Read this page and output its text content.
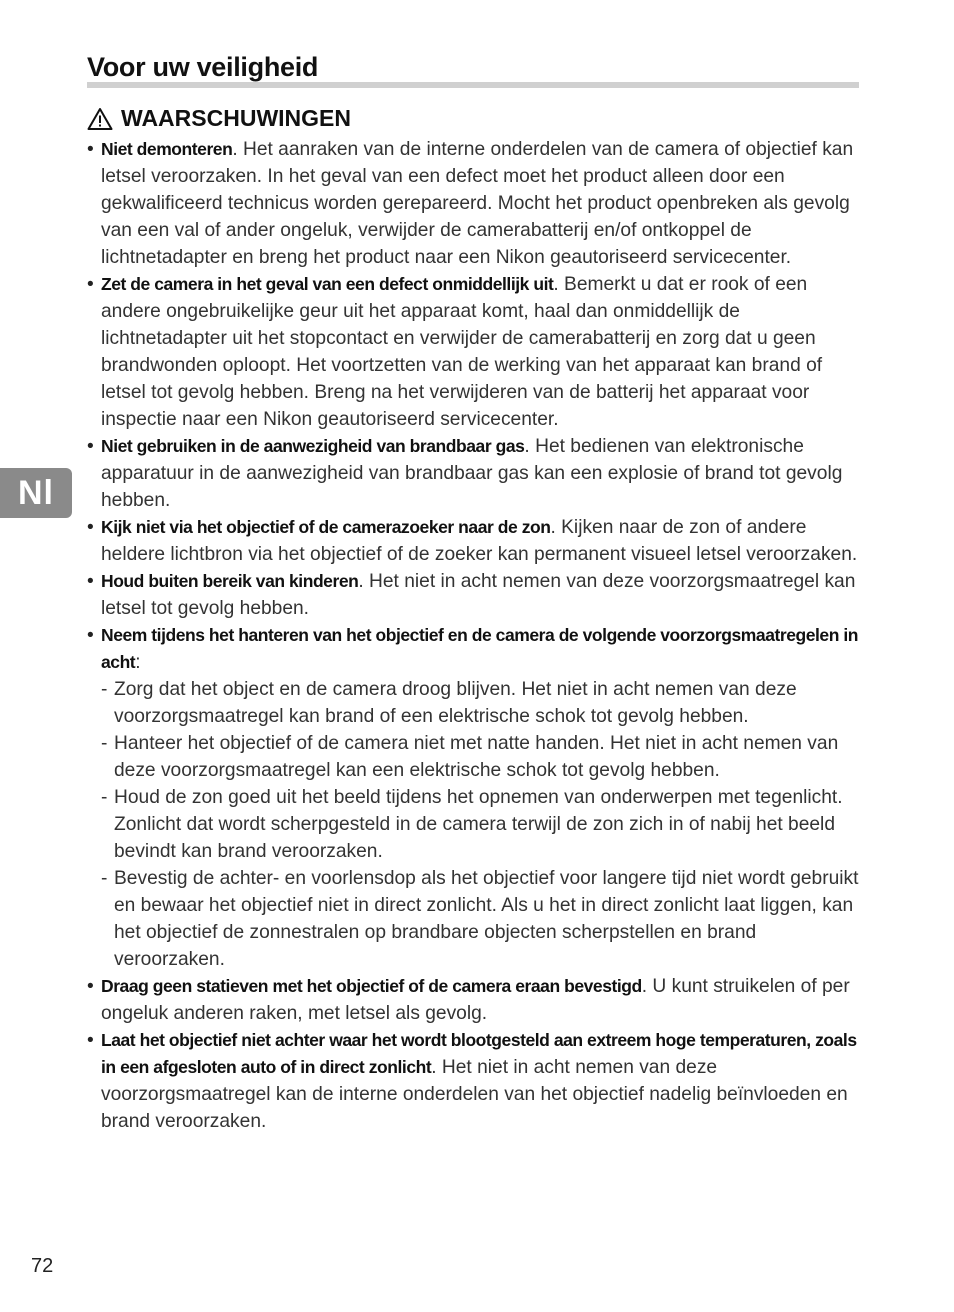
Voor uw veiligheid
WAARSCHUWINGEN
Nl
• Niet demonteren. Het aanraken van de interne onderdelen van de camera of objectief kan letsel veroorzaken. In het geval van een defect moet het product alleen door een gekwalificeerd technicus worden gerepareerd. Mocht het product openbreken als gevolg van een val of ander ongeluk, verwijder de camerabatterij en/of ontkoppel de lichtnetadapter en breng het product naar een Nikon geautoriseerd servicecenter.
• Zet de camera in het geval van een defect onmiddellijk uit. Bemerkt u dat er rook of een andere ongebruikelijke geur uit het apparaat komt, haal dan onmiddellijk de lichtnetadapter uit het stopcontact en verwijder de camerabatterij en zorg dat u geen brandwonden oploopt. Het voortzetten van de werking van het apparaat kan brand of letsel tot gevolg hebben. Breng na het verwijderen van de batterij het apparaat voor inspectie naar een Nikon geautoriseerd servicecenter.
• Niet gebruiken in de aanwezigheid van brandbaar gas. Het bedienen van elektronische apparatuur in de aanwezigheid van brandbaar gas kan een explosie of brand tot gevolg hebben.
• Kijk niet via het objectief of de camerazoeker naar de zon. Kijken naar de zon of andere heldere lichtbron via het objectief of de zoeker kan permanent visueel letsel veroorzaken.
• Houd buiten bereik van kinderen. Het niet in acht nemen van deze voorzorgsmaatregel kan letsel tot gevolg hebben.
• Neem tijdens het hanteren van het objectief en de camera de volgende voorzorgsmaatregelen in acht:
- Zorg dat het object en de camera droog blijven. Het niet in acht nemen van deze voorzorgsmaatregel kan brand of een elektrische schok tot gevolg hebben.
- Hanteer het objectief of de camera niet met natte handen. Het niet in acht nemen van deze voorzorgsmaatregel kan een elektrische schok tot gevolg hebben.
- Houd de zon goed uit het beeld tijdens het opnemen van onderwerpen met tegenlicht. Zonlicht dat wordt scherpgesteld in de camera terwijl de zon zich in of nabij het beeld bevindt kan brand veroorzaken.
- Bevestig de achter- en voorlensdop als het objectief voor langere tijd niet wordt gebruikt en bewaar het objectief niet in direct zonlicht. Als u het in direct zonlicht laat liggen, kan het objectief de zonnestralen op brandbare objecten scherpstellen en brand veroorzaken.
• Draag geen statieven met het objectief of de camera eraan bevestigd. U kunt struikelen of per ongeluk anderen raken, met letsel als gevolg.
• Laat het objectief niet achter waar het wordt blootgesteld aan extreem hoge temperaturen, zoals in een afgesloten auto of in direct zonlicht. Het niet in acht nemen van deze voorzorgsmaatregel kan de interne onderdelen van het objectief nadelig beïnvloeden en brand veroorzaken.
72
